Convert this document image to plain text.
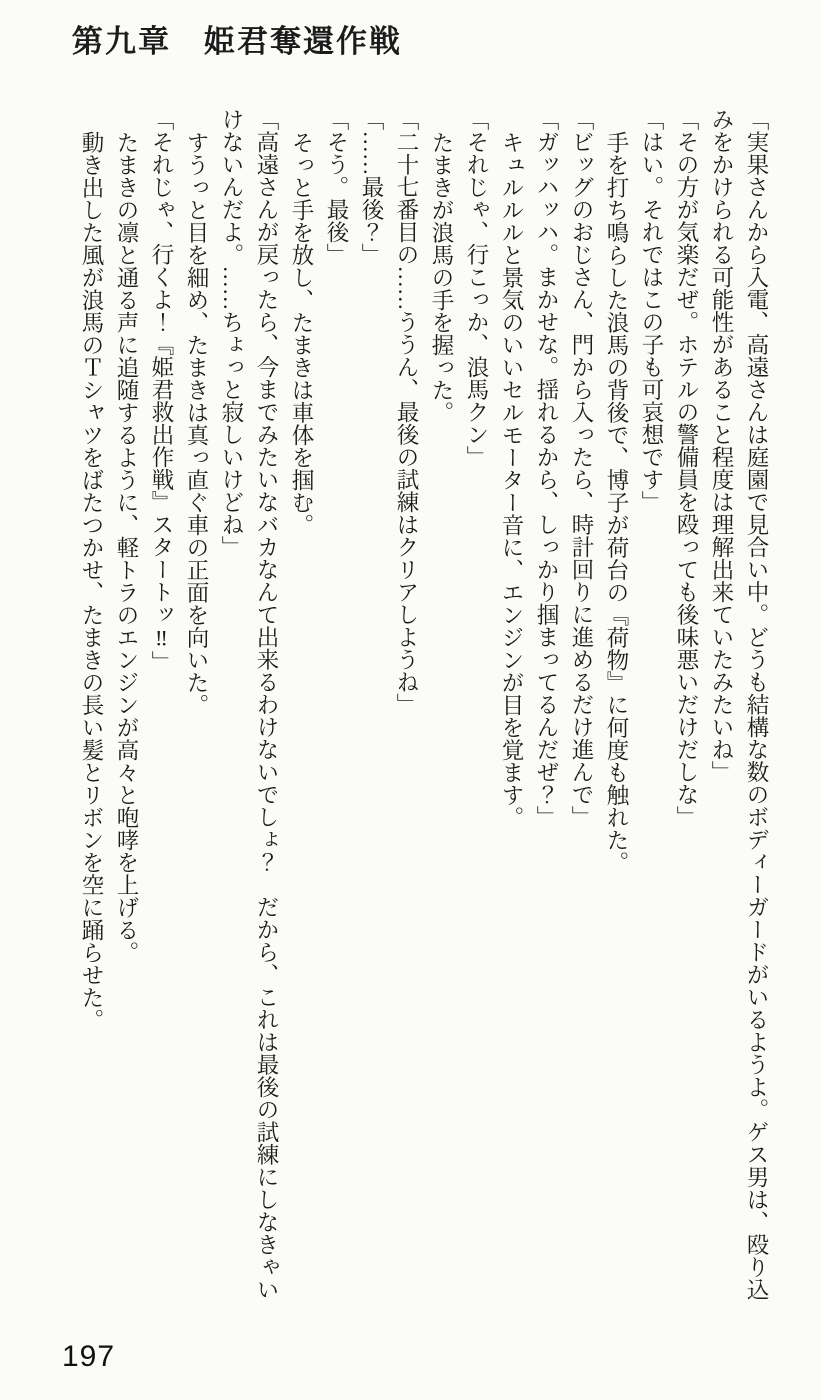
第九章　姫君奪還作戦

「実果さんから入電、高遠さんは庭園で見合い中。どうも結構な数のボディーガードがいるようよ。ゲス男は、殴り込みをかけられる可能性があること程度は理解出来ていたみたいね」

「その方が気楽だぜ。ホテルの警備員を殴っても後味悪いだけだしな」

「はい。それではこの子も可哀想です」

手を打ち鳴らした浪馬の背後で、博子が荷台の『荷物』に何度も触れた。

「ビッグのおじさん、門から入ったら、時計回りに進めるだけ進んで」

「ガッハッハ。まかせな。揺れるから、しっかり掴まってるんだぜ？」

キュルルルと景気のいいセルモーター音に、エンジンが目を覚ます。

「それじゃ、行こっか、浪馬クン」

たまきが浪馬の手を握った。

「二十七番目の……ううん、最後の試練はクリアしようね」

「……最後？」

「そう。最後」

そっと手を放し、たまきは車体を掴む。

「高遠さんが戻ったら、今までみたいなバカなんて出来るわけないでしょ？　だから、これは最後の試練にしなきゃいけないんだよ。……ちょっと寂しいけどね」

すうっと目を細め、たまきは真っ直ぐ車の正面を向いた。

「それじゃ、行くよ！『姫君救出作戦』スタートッ‼」

たまきの凛と通る声に追随するように、軽トラのエンジンが高々と咆哮を上げる。

動き出した風が浪馬のＴシャツをばたつかせ、たまきの長い髪とリボンを空に踊らせた。

197
